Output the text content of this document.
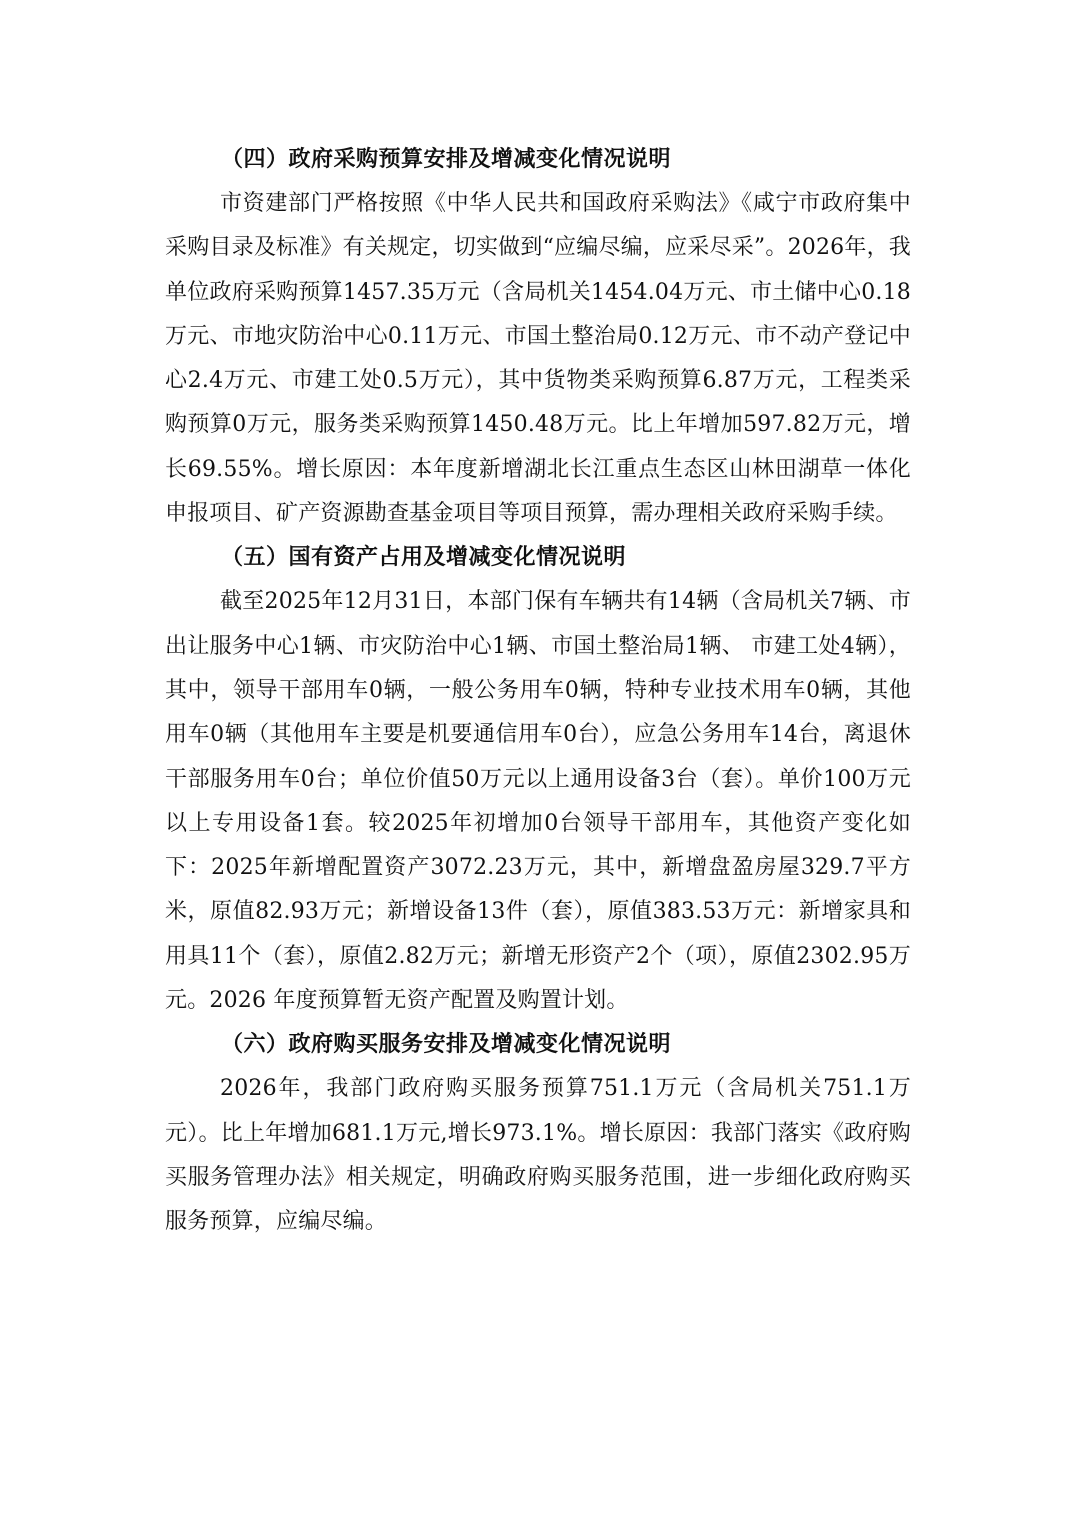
（四）政府采购预算安排及增减变化情况说明

市资建部门严格按照《中华人民共和国政府采购法》《咸宁市政府集中采购目录及标准》有关规定，切实做到“应编尽编，应采尽采”。2026年，我单位政府采购预算1457.35万元（含局机关1454.04万元、市土储中心0.18万元、市地灾防治中心0.11万元、市国土整治局0.12万元、市不动产登记中心2.4万元、市建工处0.5万元），其中货物类采购预算6.87万元，工程类采购预算0万元，服务类采购预算1450.48万元。比上年增加597.82万元，增长69.55%。增长原因：本年度新增湖北长江重点生态区山林田湖草一体化申报项目、矿产资源勘查基金项目等项目预算，需办理相关政府采购手续。

（五）国有资产占用及增减变化情况说明

截至2025年12月31日，本部门保有车辆共有14辆（含局机关7辆、市出让服务中心1辆、市灾防治中心1辆、市国土整治局1辆、 市建工处4辆），其中，领导干部用车0辆，一般公务用车0辆，特种专业技术用车0辆，其他用车0辆（其他用车主要是机要通信用车0台），应急公务用车14台，离退休干部服务用车0台；单位价值50万元以上通用设备3台（套）。单价100万元以上专用设备1套。较2025年初增加0台领导干部用车，其他资产变化如下：2025年新增配置资产3072.23万元，其中，新增盘盈房屋329.7平方米，原值82.93万元；新增设备13件（套），原值383.53万元：新增家具和用具11个（套），原值2.82万元；新增无形资产2个（项），原值2302.95万元。2026 年度预算暂无资产配置及购置计划。

（六）政府购买服务安排及增减变化情况说明

2026年，我部门政府购买服务预算751.1万元（含局机关751.1万元）。比上年增加681.1万元,增长973.1%。增长原因：我部门落实《政府购买服务管理办法》相关规定，明确政府购买服务范围，进一步细化政府购买服务预算，应编尽编。
